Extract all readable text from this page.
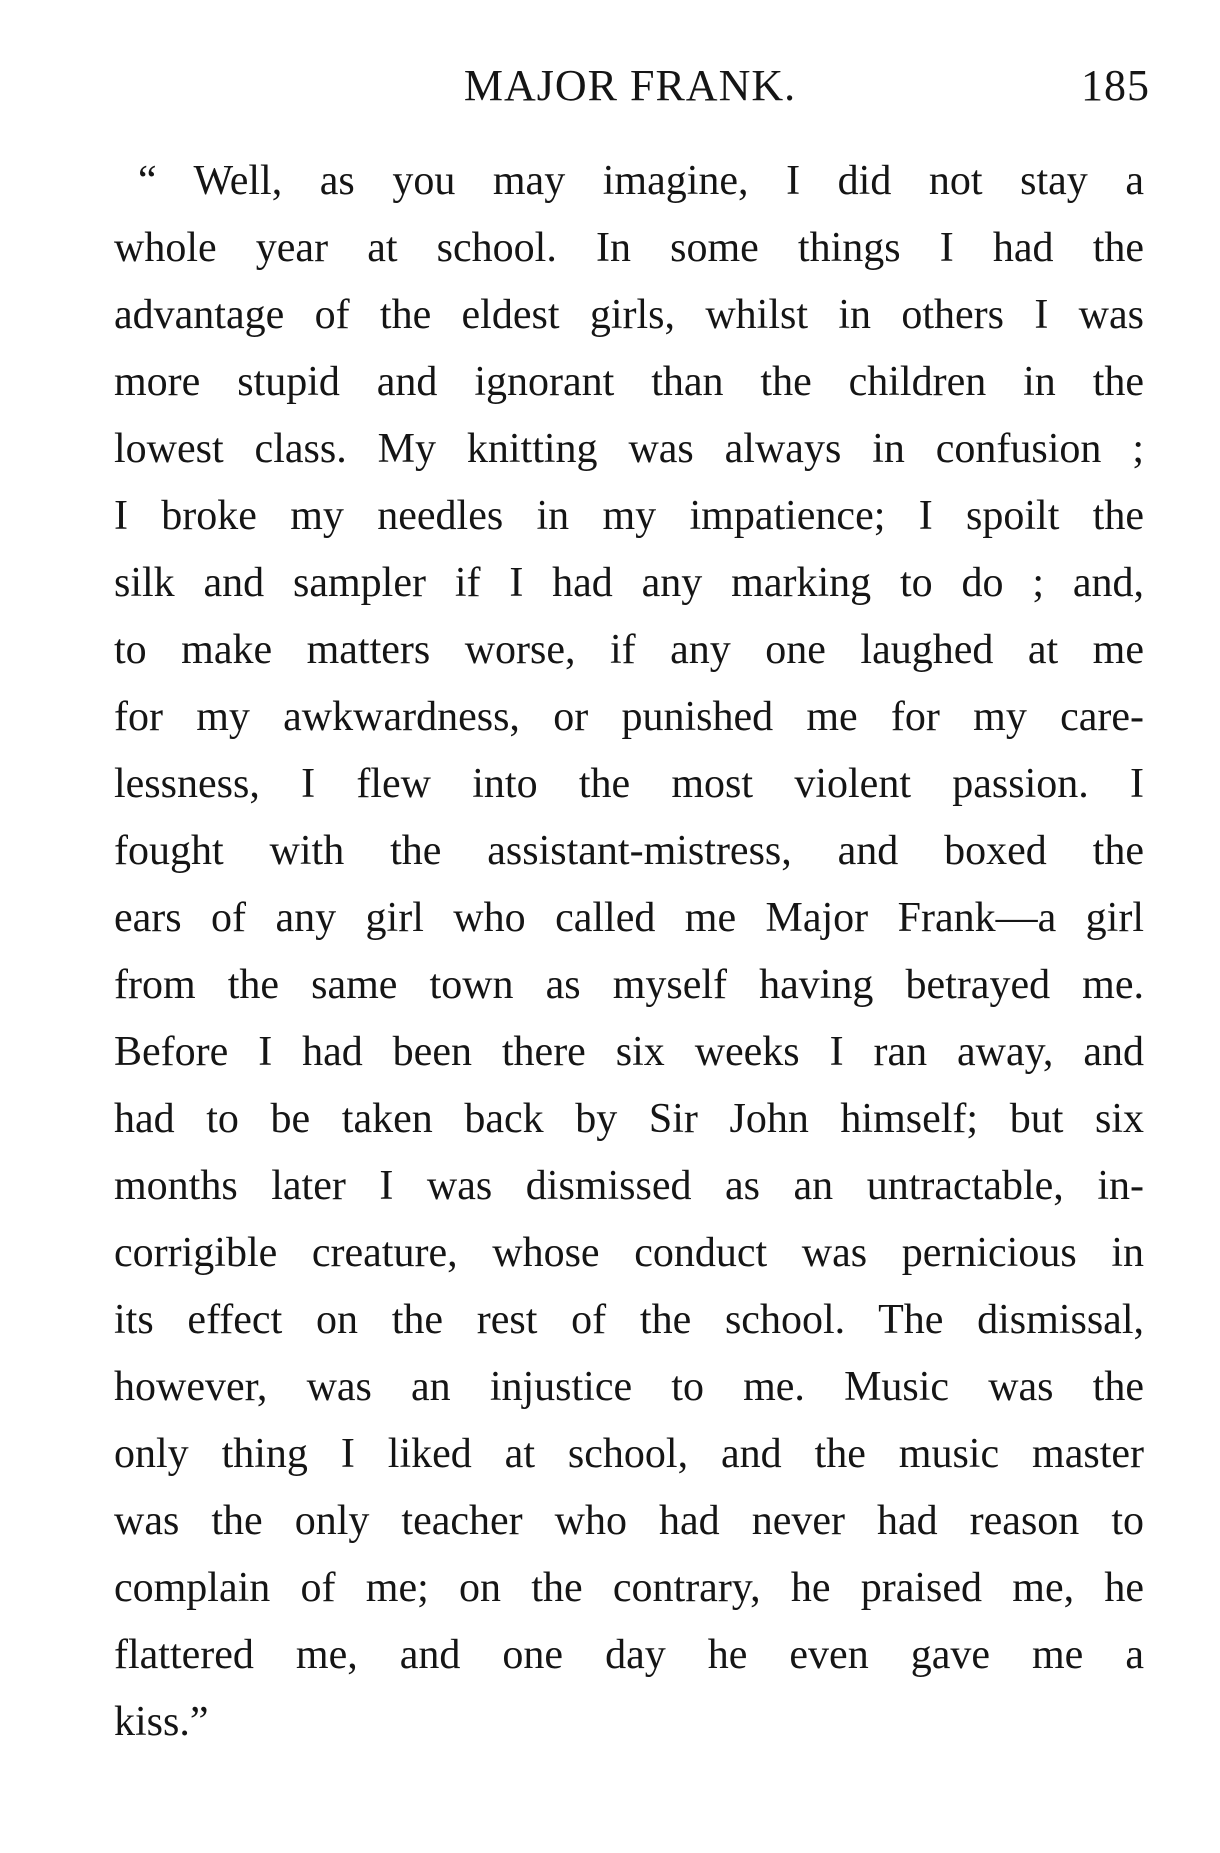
MAJOR FRANK.	185
“ Well, as you may imagine, I did not stay a
whole year at school. In some things I had the
advantage of the eldest girls, whilst in others I was
more stupid and ignorant than the children in the
lowest class. My knitting was always in confusion ;
I broke my needles in my impatience; I spoilt the
silk and sampler if I had any marking to do ; and,
to make matters worse, if any one laughed at me
for my awkwardness, or punished me for my care-
lessness, I flew into the most violent passion. I
fought with the assistant-mistress, and boxed the
ears of any girl who called me Major Frank—a girl
from the same town as myself having betrayed me.
Before I had been there six weeks I ran away, and
had to be taken back by Sir John himself; but six
months later I was dismissed as an untractable, in-
corrigible creature, whose conduct was pernicious in
its effect on the rest of the school. The dismissal,
however, was an injustice to me. Music was the
only thing I liked at school, and the music master
was the only teacher who had never had reason to
complain of me; on the contrary, he praised me, he
flattered me, and one day he even gave me a
kiss.”
